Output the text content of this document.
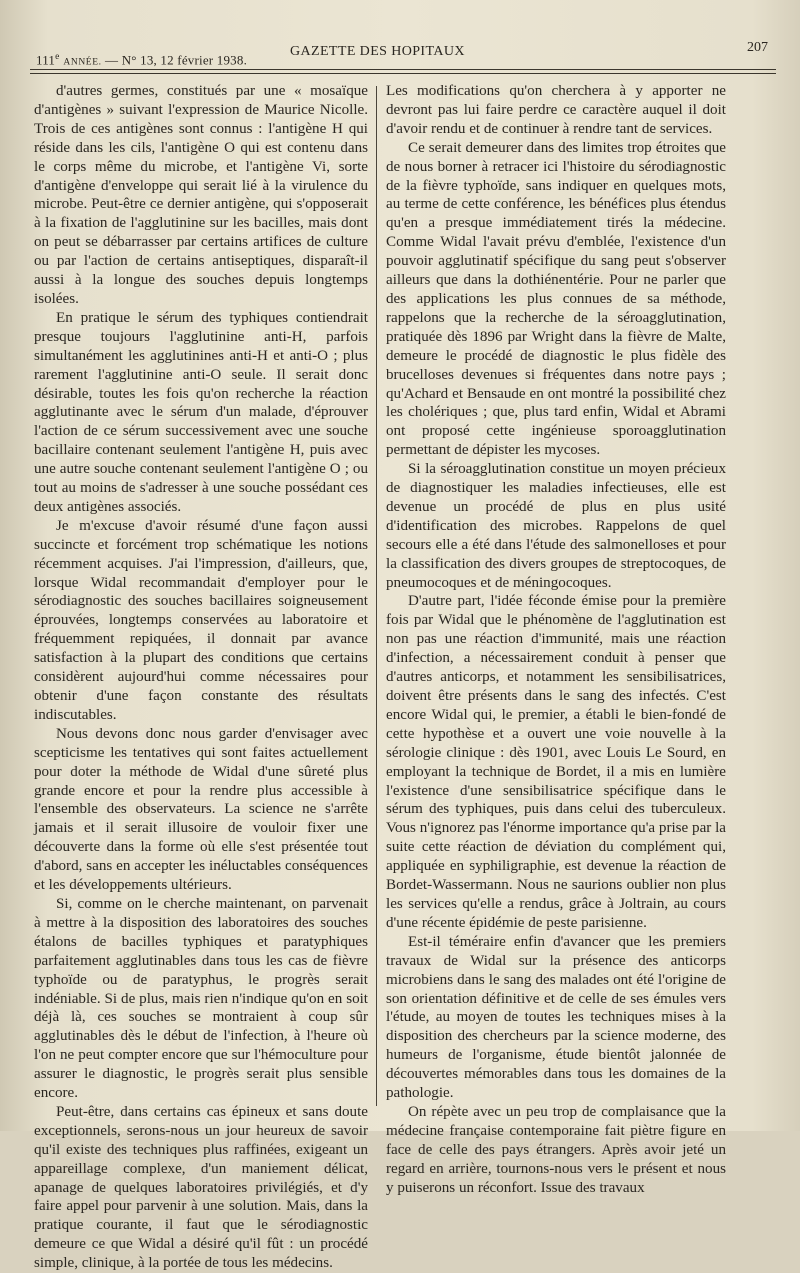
111e ANNÉE. — N° 13, 12 février 1938.
GAZETTE DES HOPITAUX	207

d'autres germes, constitués par une « mosaïque d'antigènes » suivant l'expression de Maurice Nicolle. Trois de ces antigènes sont connus : l'antigène H qui réside dans les cils, l'antigène O qui est contenu dans le corps même du microbe, et l'antigène Vi, sorte d'antigène d'enveloppe qui serait lié à la virulence du microbe. Peut-être ce dernier antigène, qui s'opposerait à la fixation de l'agglutinine sur les bacilles, mais dont on peut se débarrasser par certains artifices de culture ou par l'action de certains antiseptiques, disparaît-il aussi à la longue des souches depuis longtemps isolées.

En pratique le sérum des typhiques contiendrait presque toujours l'agglutinine anti-H, parfois simultanément les agglutinines anti-H et anti-O ; plus rarement l'agglutinine anti-O seule. Il serait donc désirable, toutes les fois qu'on recherche la réaction agglutinante avec le sérum d'un malade, d'éprouver l'action de ce sérum successivement avec une souche bacillaire contenant seulement l'antigène H, puis avec une autre souche contenant seulement l'antigène O ; ou tout au moins de s'adresser à une souche possédant ces deux antigènes associés.

Je m'excuse d'avoir résumé d'une façon aussi succincte et forcément trop schématique les notions récemment acquises. J'ai l'impression, d'ailleurs, que, lorsque Widal recommandait d'employer pour le sérodiagnostic des souches bacillaires soigneusement éprouvées, longtemps conservées au laboratoire et fréquemment repiquées, il donnait par avance satisfaction à la plupart des conditions que certains considèrent aujourd'hui comme nécessaires pour obtenir d'une façon constante des résultats indiscutables.

Nous devons donc nous garder d'envisager avec scepticisme les tentatives qui sont faites actuellement pour doter la méthode de Widal d'une sûreté plus grande encore et pour la rendre plus accessible à l'ensemble des observateurs. La science ne s'arrête jamais et il serait illusoire de vouloir fixer une découverte dans la forme où elle s'est présentée tout d'abord, sans en accepter les inéluctables conséquences et les développements ultérieurs.

Si, comme on le cherche maintenant, on parvenait à mettre à la disposition des laboratoires des souches étalons de bacilles typhiques et paratyphiques parfaitement agglutinables dans tous les cas de fièvre typhoïde ou de paratyphus, le progrès serait indéniable. Si de plus, mais rien n'indique qu'on en soit déjà là, ces souches se montraient à coup sûr agglutinables dès le début de l'infection, à l'heure où l'on ne peut compter encore que sur l'hémoculture pour assurer le diagnostic, le progrès serait plus sensible encore.

Peut-être, dans certains cas épineux et sans doute exceptionnels, serons-nous un jour heureux de savoir qu'il existe des techniques plus raffinées, exigeant un appareillage complexe, d'un maniement délicat, apanage de quelques laboratoires privilégiés, et d'y faire appel pour parvenir à une solution. Mais, dans la pratique courante, il faut que le sérodiagnostic demeure ce que Widal a désiré qu'il fût : un procédé simple, clinique, à la portée de tous les médecins.

Les modifications qu'on cherchera à y apporter ne devront pas lui faire perdre ce caractère auquel il doit d'avoir rendu et de continuer à rendre tant de services.

Ce serait demeurer dans des limites trop étroites que de nous borner à retracer ici l'histoire du sérodiagnostic de la fièvre typhoïde, sans indiquer en quelques mots, au terme de cette conférence, les bénéfices plus étendus qu'en a presque immédiatement tirés la médecine. Comme Widal l'avait prévu d'emblée, l'existence d'un pouvoir agglutinatif spécifique du sang peut s'observer ailleurs que dans la dothiénentérie. Pour ne parler que des applications les plus connues de sa méthode, rappelons que la recherche de la séroagglutination, pratiquée dès 1896 par Wright dans la fièvre de Malte, demeure le procédé de diagnostic le plus fidèle des brucelloses devenues si fréquentes dans notre pays ; qu'Achard et Bensaude en ont montré la possibilité chez les cholériques ; que, plus tard enfin, Widal et Abrami ont proposé cette ingénieuse sporoagglutination permettant de dépister les mycoses.

Si la séroagglutination constitue un moyen précieux de diagnostiquer les maladies infectieuses, elle est devenue un procédé de plus en plus usité d'identification des microbes. Rappelons de quel secours elle a été dans l'étude des salmonelloses et pour la classification des divers groupes de streptocoques, de pneumocoques et de méningocoques.

D'autre part, l'idée féconde émise pour la première fois par Widal que le phénomène de l'agglutination est non pas une réaction d'immunité, mais une réaction d'infection, a nécessairement conduit à penser que d'autres anticorps, et notamment les sensibilisatrices, doivent être présents dans le sang des infectés. C'est encore Widal qui, le premier, a établi le bien-fondé de cette hypothèse et a ouvert une voie nouvelle à la sérologie clinique : dès 1901, avec Louis Le Sourd, en employant la technique de Bordet, il a mis en lumière l'existence d'une sensibilisatrice spécifique dans le sérum des typhiques, puis dans celui des tuberculeux. Vous n'ignorez pas l'énorme importance qu'a prise par la suite cette réaction de déviation du complément qui, appliquée en syphiligraphie, est devenue la réaction de Bordet-Wassermann. Nous ne saurions oublier non plus les services qu'elle a rendus, grâce à Joltrain, au cours d'une récente épidémie de peste parisienne.

Est-il téméraire enfin d'avancer que les premiers travaux de Widal sur la présence des anticorps microbiens dans le sang des malades ont été l'origine de son orientation définitive et de celle de ses émules vers l'étude, au moyen de toutes les techniques mises à la disposition des chercheurs par la science moderne, des humeurs de l'organisme, étude bientôt jalonnée de découvertes mémorables dans tous les domaines de la pathologie.

On répète avec un peu trop de complaisance que la médecine française contemporaine fait piètre figure en face de celle des pays étrangers. Après avoir jeté un regard en arrière, tournons-nous vers le présent et nous y puiserons un réconfort. Issue des travaux
